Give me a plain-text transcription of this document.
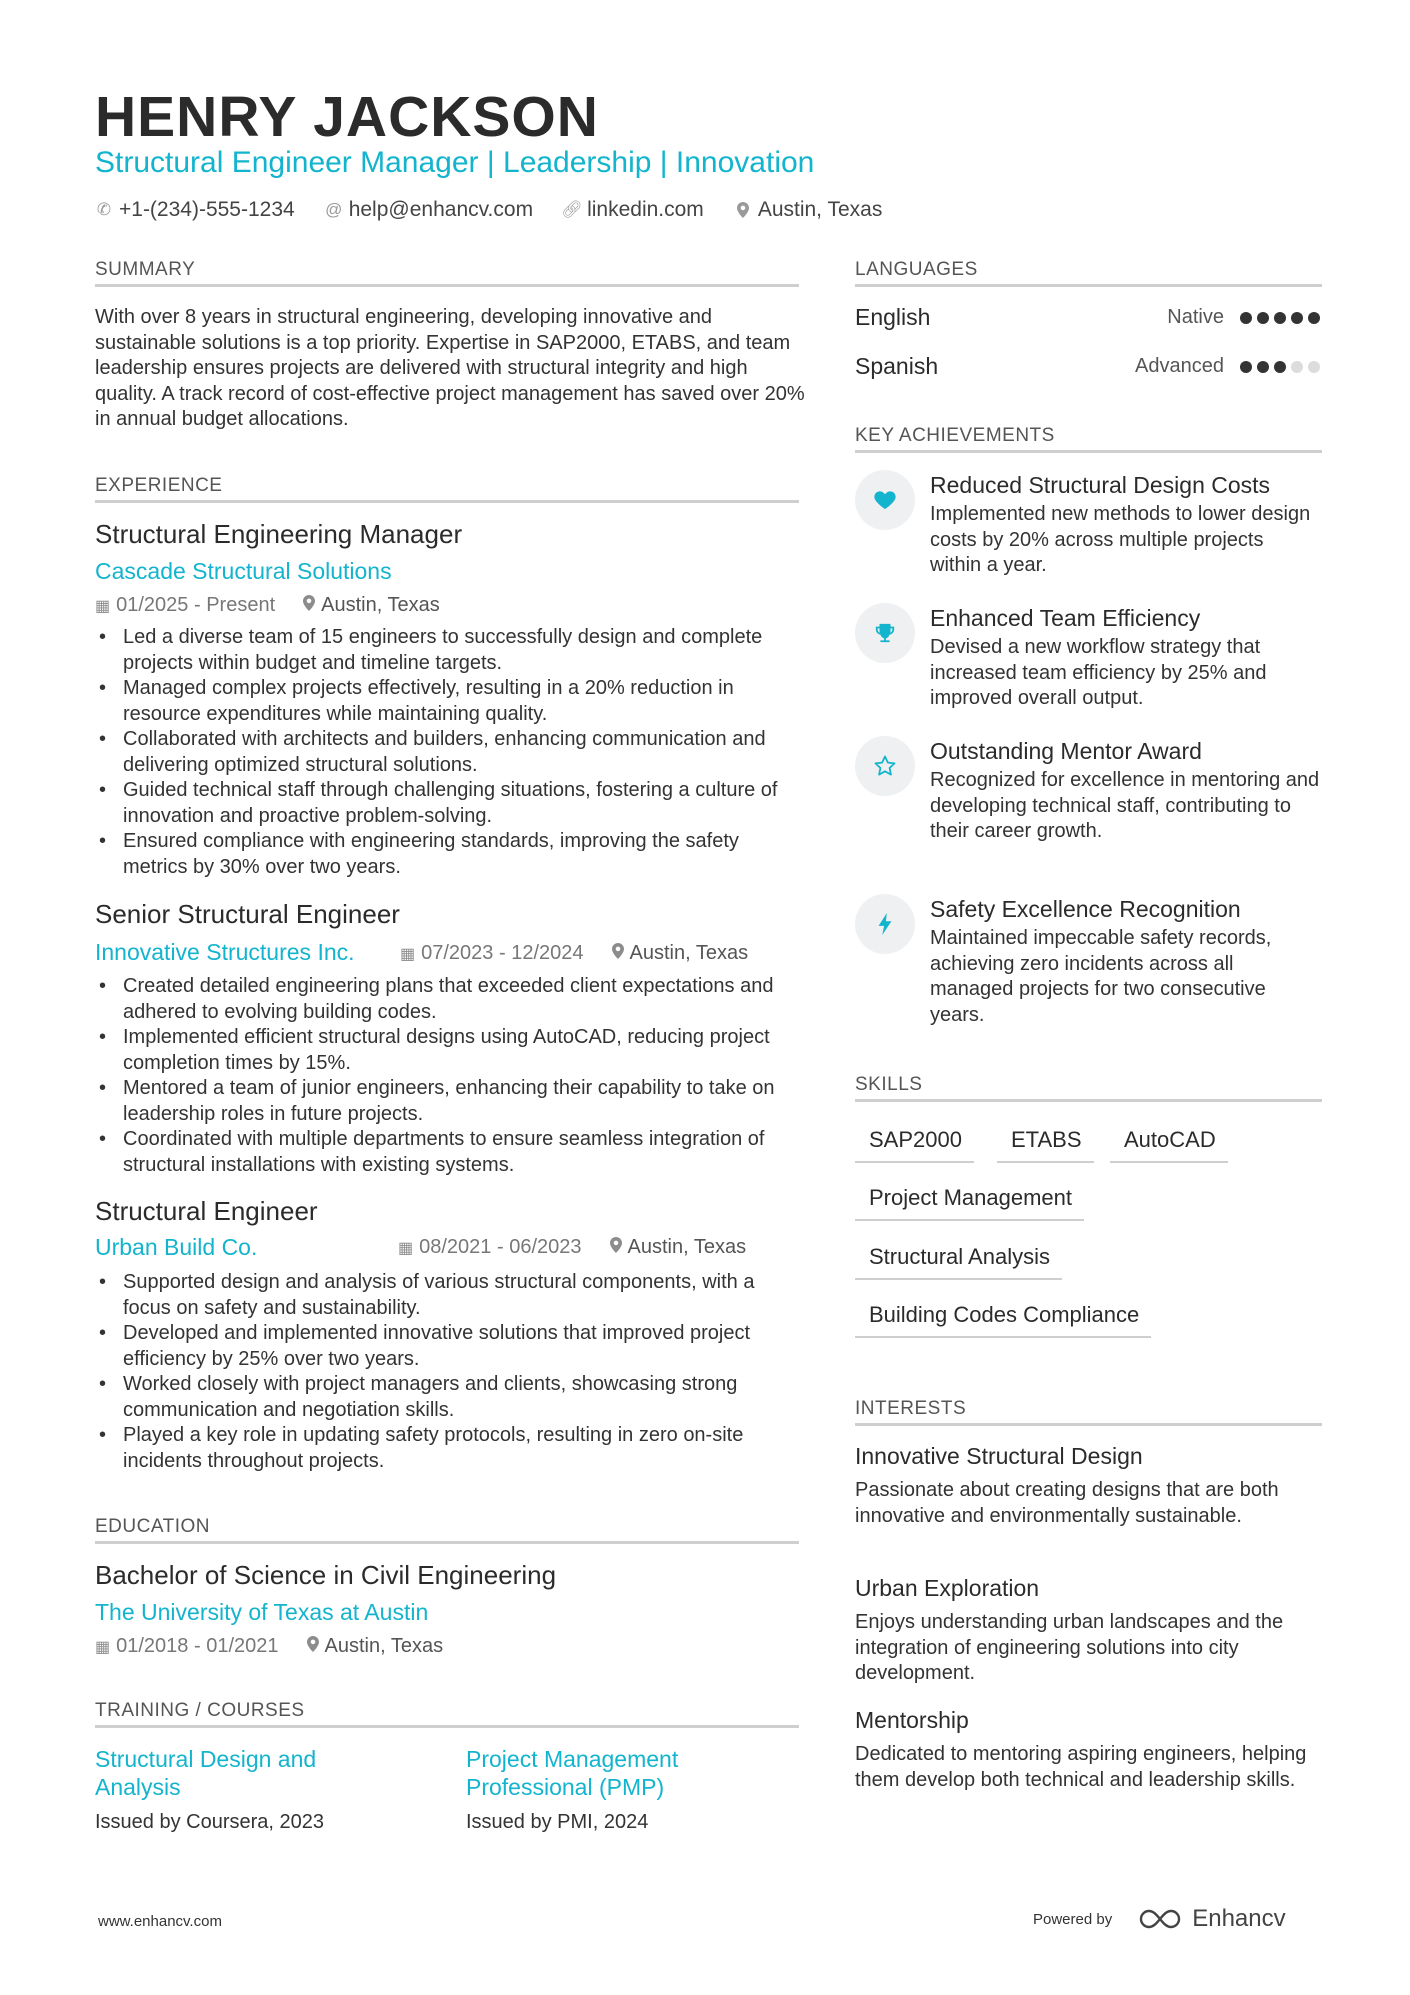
HENRY JACKSON
Structural Engineer Manager | Leadership | Innovation
✆ +1-(234)-555-1234 @ help@enhancv.com 🔗︎ linkedin.com	Austin, Texas
SUMMARY
With over 8 years in structural engineering, developing innovative and sustainable solutions is a top priority. Expertise in SAP2000, ETABS, and team leadership ensures projects are delivered with structural integrity and high quality. A track record of cost-effective project management has saved over 20% in annual budget allocations.
EXPERIENCE
Structural Engineering Manager
Cascade Structural Solutions
▦ 01/2025 - Present Austin, Texas
• Led a diverse team of 15 engineers to successfully design and complete projects within budget and timeline targets.
• Managed complex projects effectively, resulting in a 20% reduction in resource expenditures while maintaining quality.
• Collaborated with architects and builders, enhancing communication and delivering optimized structural solutions.
• Guided technical staff through challenging situations, fostering a culture of innovation and proactive problem-solving.
• Ensured compliance with engineering standards, improving the safety metrics by 30% over two years.
Senior Structural Engineer
Innovative Structures Inc.	▦ 07/2023 - 12/2024 Austin, Texas
• Created detailed engineering plans that exceeded client expectations and adhered to evolving building codes.
• Implemented efficient structural designs using AutoCAD, reducing project completion times by 15%.
• Mentored a team of junior engineers, enhancing their capability to take on leadership roles in future projects.
• Coordinated with multiple departments to ensure seamless integration of structural installations with existing systems.
Structural Engineer
Urban Build Co.	▦ 08/2021 - 06/2023 Austin, Texas
• Supported design and analysis of various structural components, with a focus on safety and sustainability.
• Developed and implemented innovative solutions that improved project efficiency by 25% over two years.
• Worked closely with project managers and clients, showcasing strong communication and negotiation skills.
• Played a key role in updating safety protocols, resulting in zero on-site incidents throughout projects.
EDUCATION
Bachelor of Science in Civil Engineering
The University of Texas at Austin
▦ 01/2018 - 01/2021 Austin, Texas
TRAINING / COURSES
Structural Design and Analysis
Issued by Coursera, 2023
Project Management Professional (PMP)
Issued by PMI, 2024
LANGUAGES
English	Native
Spanish	Advanced
KEY ACHIEVEMENTS
Reduced Structural Design Costs
Implemented new methods to lower design costs by 20% across multiple projects within a year.
Enhanced Team Efficiency
Devised a new workflow strategy that increased team efficiency by 25% and improved overall output.
Outstanding Mentor Award
Recognized for excellence in mentoring and developing technical staff, contributing to their career growth.
Safety Excellence Recognition
Maintained impeccable safety records, achieving zero incidents across all managed projects for two consecutive years.
SKILLS
SAP2000	ETABS	AutoCAD
Project Management
Structural Analysis
Building Codes Compliance
INTERESTS
Innovative Structural Design
Passionate about creating designs that are both innovative and environmentally sustainable.
Urban Exploration
Enjoys understanding urban landscapes and the integration of engineering solutions into city development.
Mentorship
Dedicated to mentoring aspiring engineers, helping them develop both technical and leadership skills.
www.enhancv.com	Powered by	Enhancv
